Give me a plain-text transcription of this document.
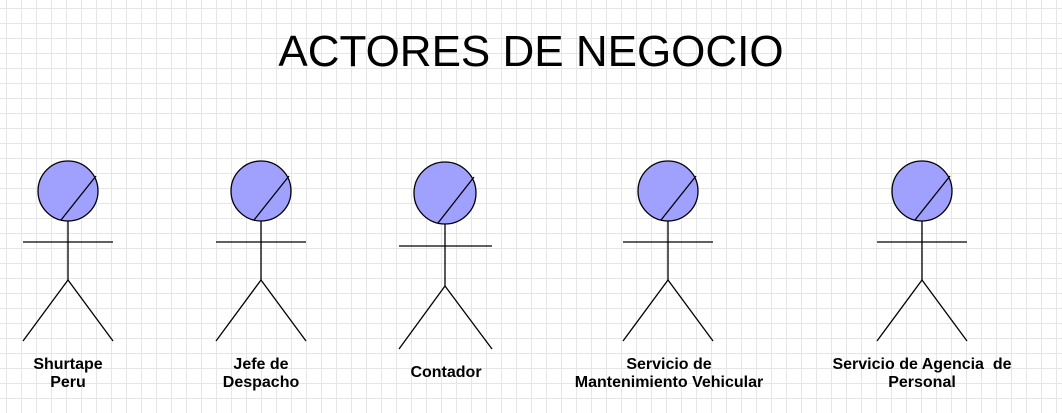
ACTORES DE NEGOCIO
Shurtape
Peru
Jefe de
Despacho
Contador	Servicio de
Mantenimiento Vehicular
Servicio de Agencia  de
Personal
